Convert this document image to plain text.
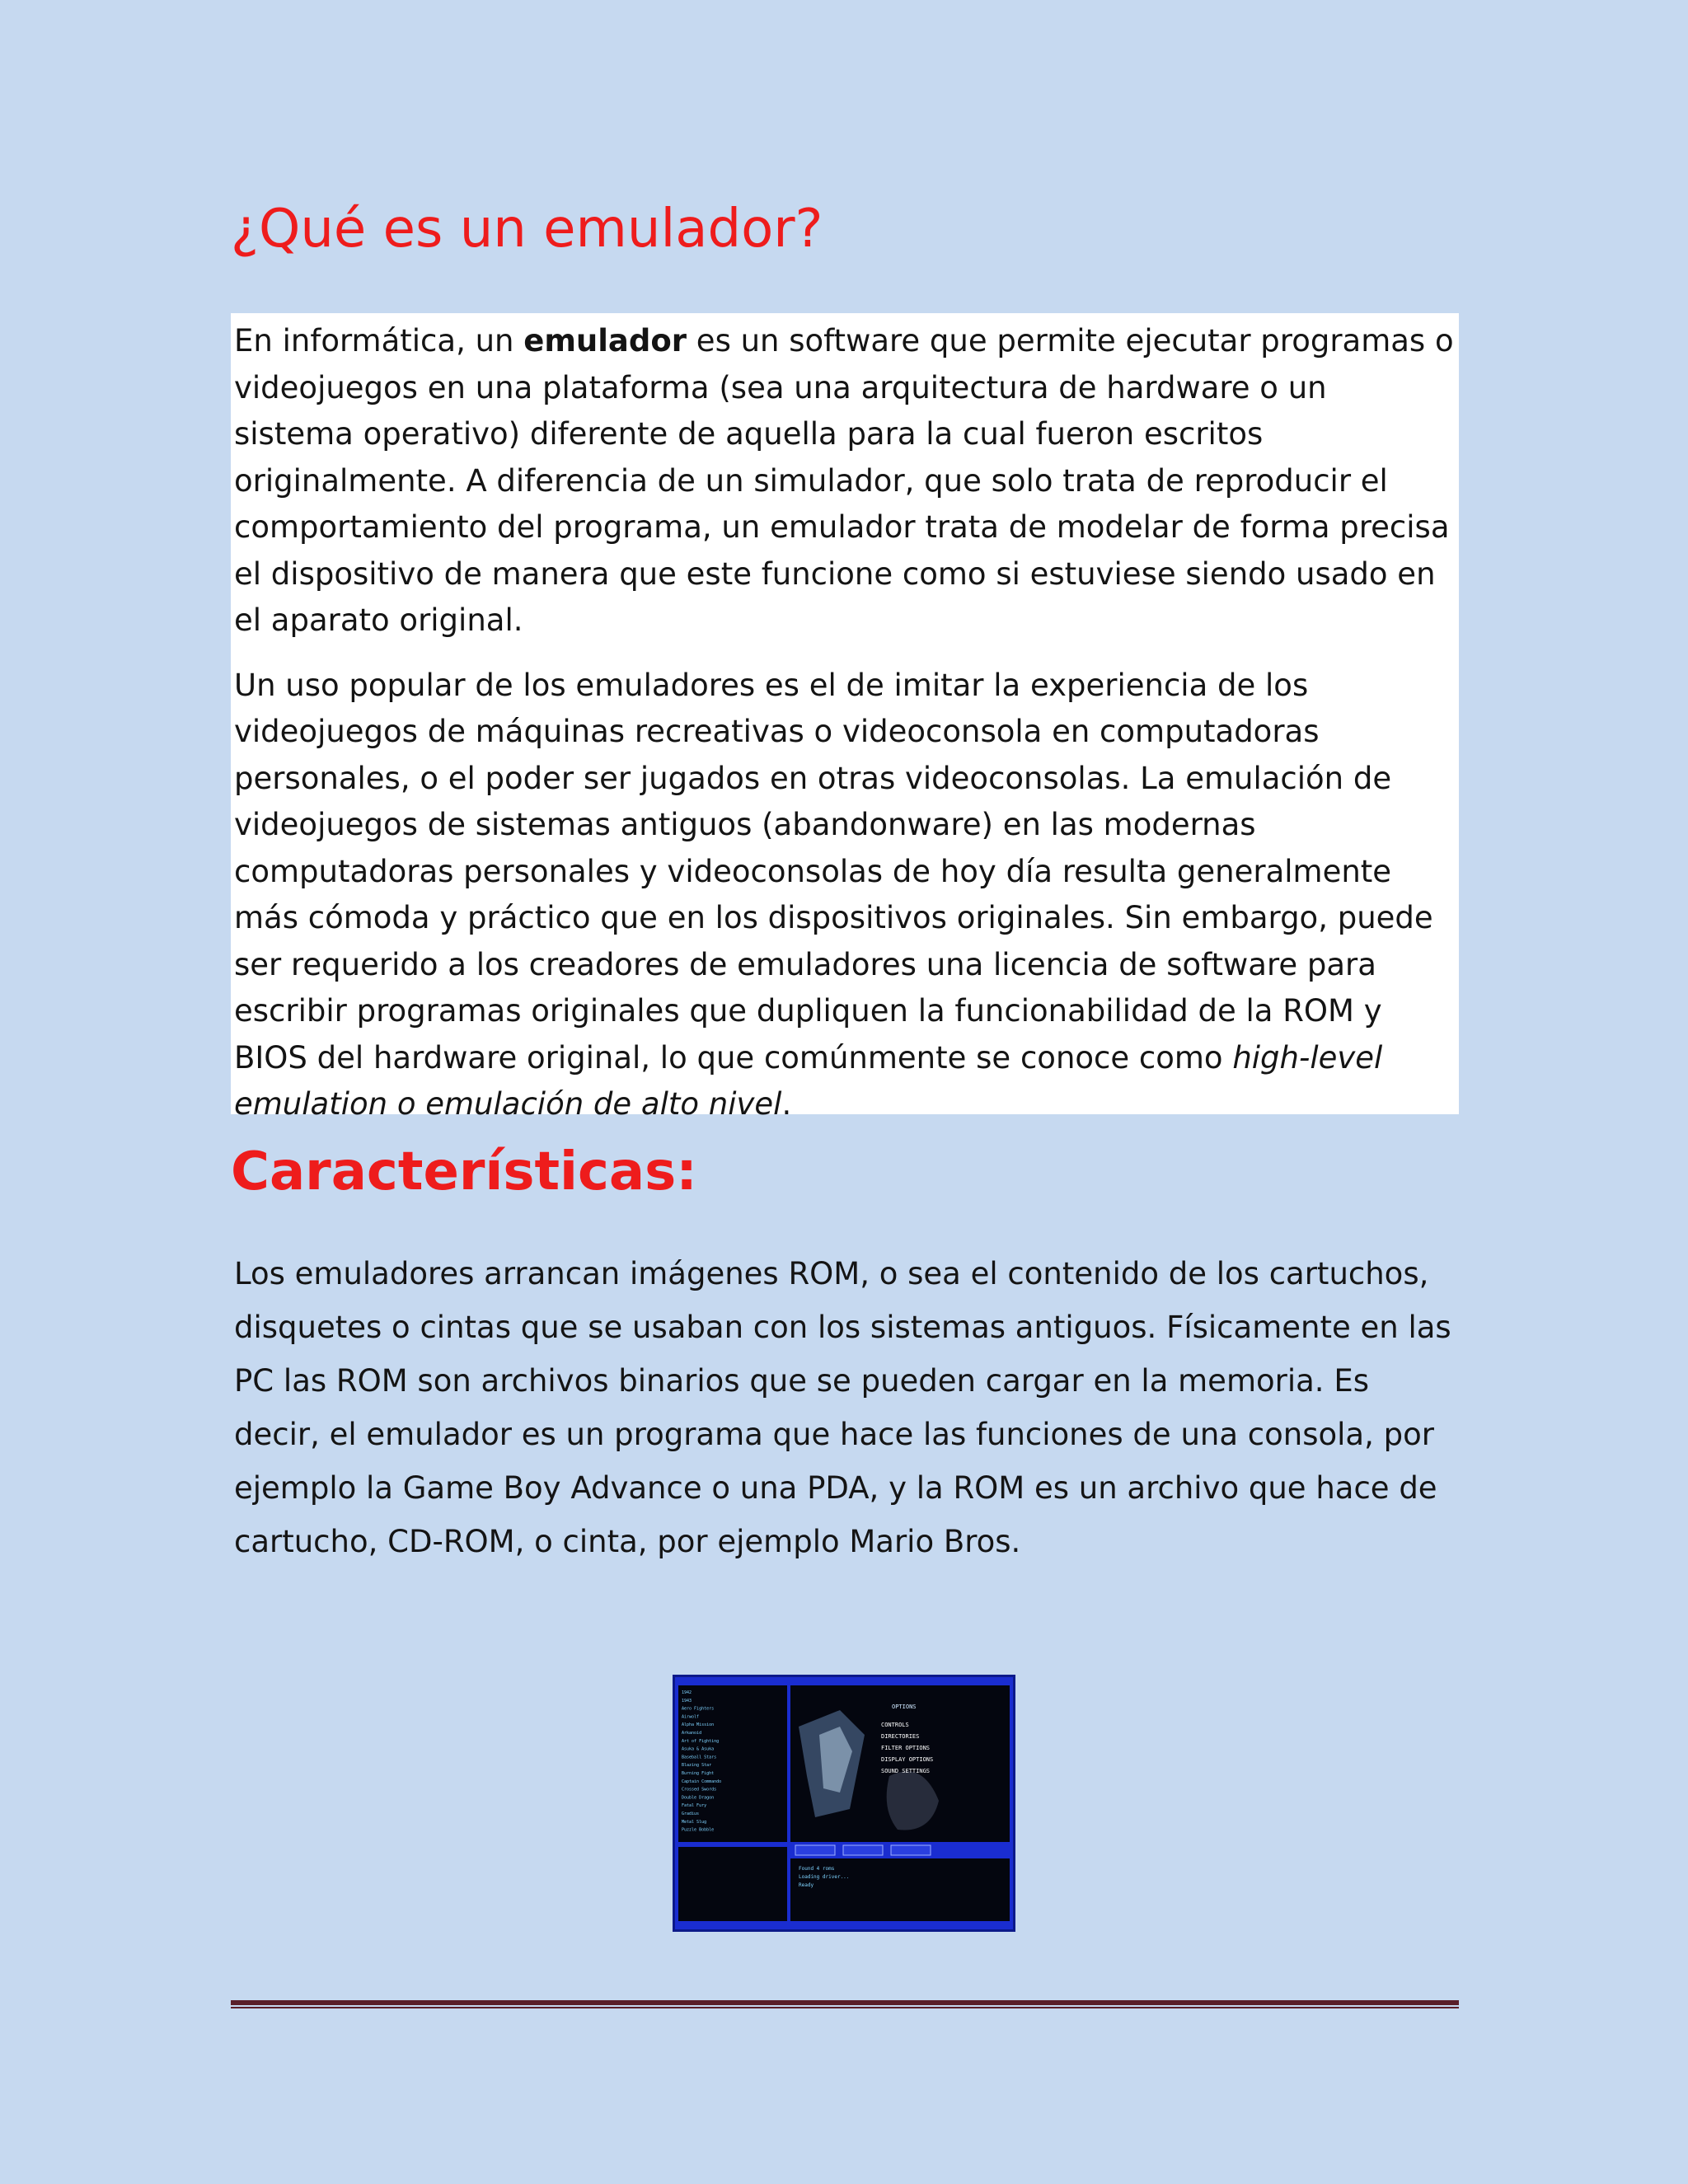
¿Qué es un emulador?

En informática, un emulador es un software que permite ejecutar programas o videojuegos en una plataforma (sea una arquitectura de hardware o un sistema operativo) diferente de aquella para la cual fueron escritos originalmente. A diferencia de un simulador, que solo trata de reproducir el comportamiento del programa, un emulador trata de modelar de forma precisa el dispositivo de manera que este funcione como si estuviese siendo usado en el aparato original.

Un uso popular de los emuladores es el de imitar la experiencia de los videojuegos de máquinas recreativas o videoconsola en computadoras personales, o el poder ser jugados en otras videoconsolas. La emulación de videojuegos de sistemas antiguos (abandonware) en las modernas computadoras personales y videoconsolas de hoy día resulta generalmente más cómoda y práctico que en los dispositivos originales. Sin embargo, puede ser requerido a los creadores de emuladores una licencia de software para escribir programas originales que dupliquen la funcionabilidad de la ROM y BIOS del hardware original, lo que comúnmente se conoce como high-level emulation o emulación de alto nivel.

Características:

Los emuladores arrancan imágenes ROM, o sea el contenido de los cartuchos, disquetes o cintas que se usaban con los sistemas antiguos. Físicamente en las PC las ROM son archivos binarios que se pueden cargar en la memoria. Es decir, el emulador es un programa que hace las funciones de una consola, por ejemplo la Game Boy Advance o una PDA, y la ROM es un archivo que hace de cartucho, CD-ROM, o cinta, por ejemplo Mario Bros.

OPTIONS
CONTROLS
DIRECTORIES
FILTER OPTIONS
DISPLAY OPTIONS
SOUND SETTINGS
1942
1943
Aero Fighters
Airwolf
Alpha Mission
Arkanoid
Art of Fighting
Asuka & Asuka
Baseball Stars
Blazing Star
Burning Fight
Captain Commando
Crossed Swords
Double Dragon
Fatal Fury
Gradius
Metal Slug
Puzzle Bobble
Found 4 roms
Loading driver...
Ready
